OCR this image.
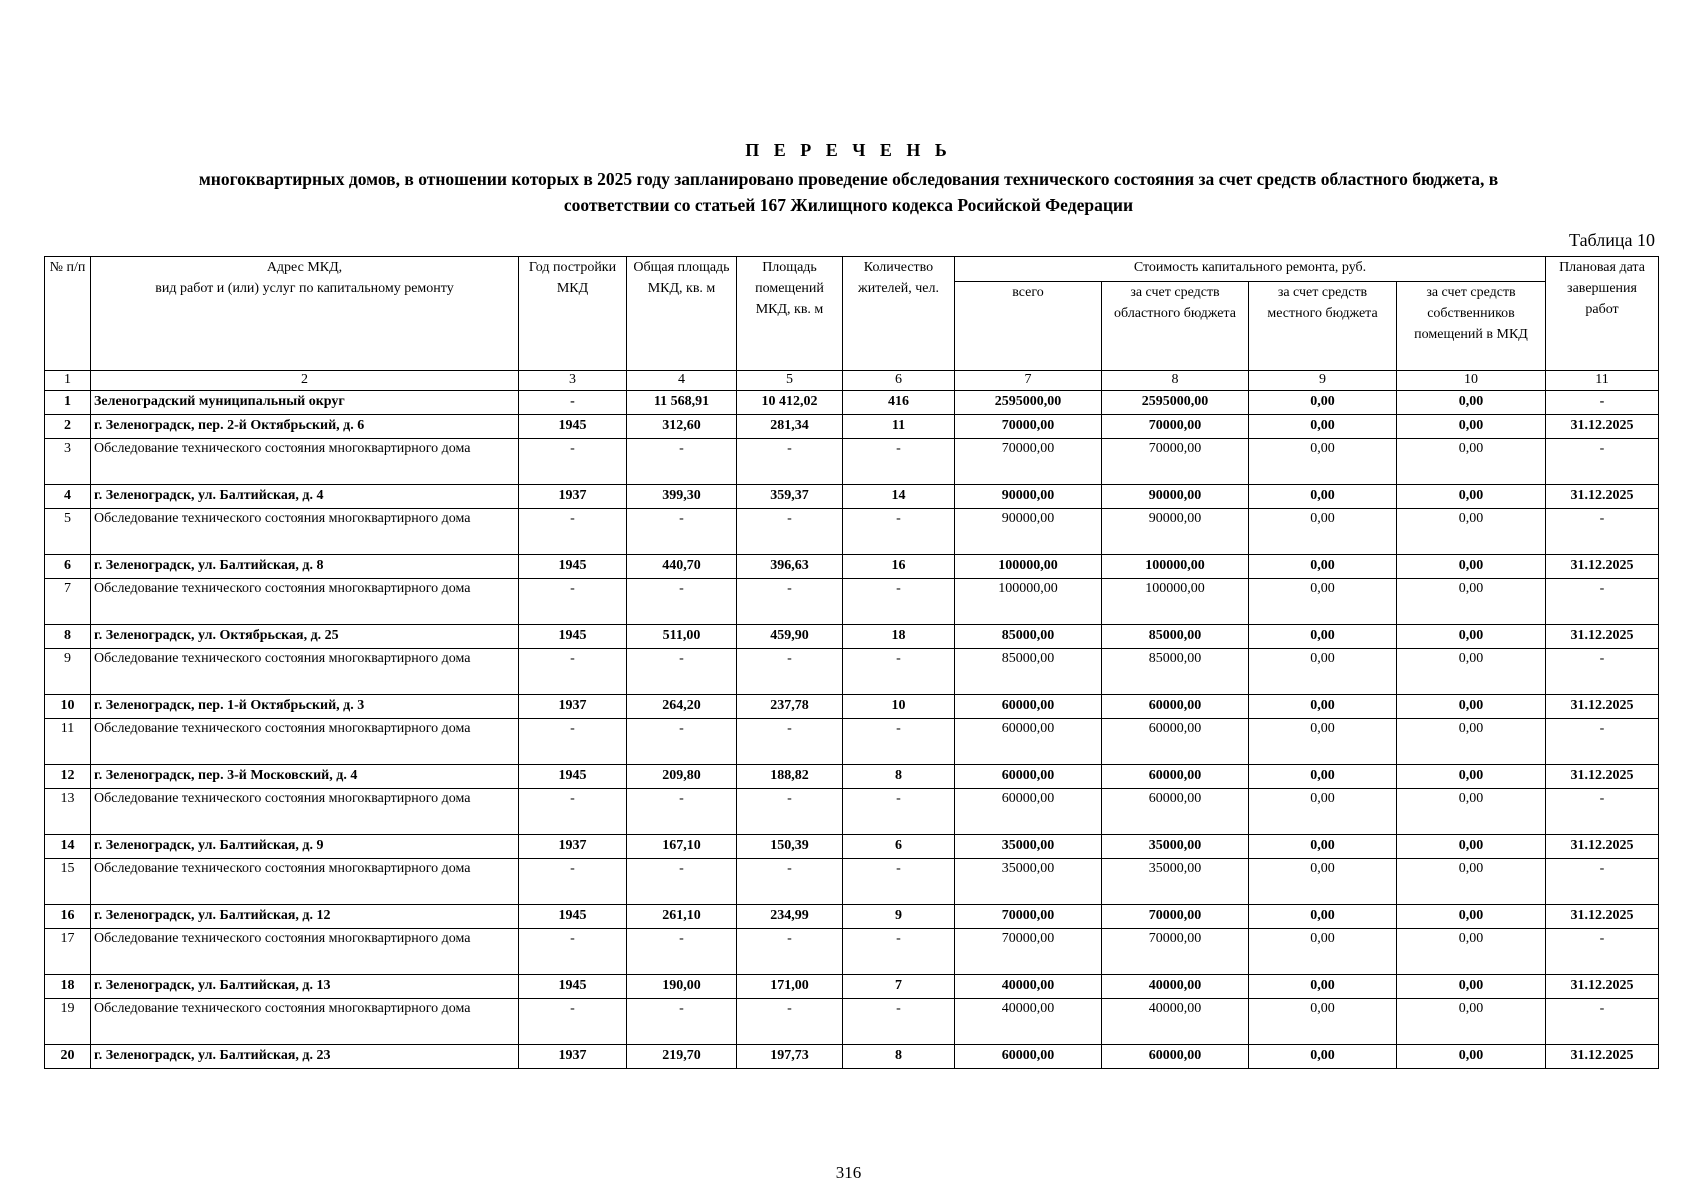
П Е Р Е Ч Е Н Ь
многоквартирных домов, в отношении которых в 2025 году запланировано проведение обследования технического состояния за счет средств областного бюджета, в
соответствии со статьей 167 Жилищного кодекса Росийской Федерации
Таблица 10
№ п/п	Адрес МКД,
вид работ и (или) услуг по капитальному ремонту	Год постройки МКД	Общая площадь МКД, кв. м	Площадь помещений МКД, кв. м	Количество жителей, чел.	Стоимость капитального ремонта, руб.				Плановая дата завершения работ
						всего	за счет средств областного бюджета	за счет средств местного бюджета	за счет средств собственников помещений в МКД	
1	2	3	4	5	6	7	8	9	10	11
1	Зеленоградский муниципальный округ	-	11 568,91	10 412,02	416	2595000,00	2595000,00	0,00	0,00	-
2	г. Зеленоградск, пер. 2-й Октябрьский, д. 6	1945	312,60	281,34	11	70000,00	70000,00	0,00	0,00	31.12.2025
3	Обследование технического состояния многоквартирного дома	-	-	-	-	70000,00	70000,00	0,00	0,00	-
4	г. Зеленоградск, ул. Балтийская, д. 4	1937	399,30	359,37	14	90000,00	90000,00	0,00	0,00	31.12.2025
5	Обследование технического состояния многоквартирного дома	-	-	-	-	90000,00	90000,00	0,00	0,00	-
6	г. Зеленоградск, ул. Балтийская, д. 8	1945	440,70	396,63	16	100000,00	100000,00	0,00	0,00	31.12.2025
7	Обследование технического состояния многоквартирного дома	-	-	-	-	100000,00	100000,00	0,00	0,00	-
8	г. Зеленоградск, ул. Октябрьская, д. 25	1945	511,00	459,90	18	85000,00	85000,00	0,00	0,00	31.12.2025
9	Обследование технического состояния многоквартирного дома	-	-	-	-	85000,00	85000,00	0,00	0,00	-
10	г. Зеленоградск, пер. 1-й Октябрьский, д. 3	1937	264,20	237,78	10	60000,00	60000,00	0,00	0,00	31.12.2025
11	Обследование технического состояния многоквартирного дома	-	-	-	-	60000,00	60000,00	0,00	0,00	-
12	г. Зеленоградск, пер. 3-й Московский, д. 4	1945	209,80	188,82	8	60000,00	60000,00	0,00	0,00	31.12.2025
13	Обследование технического состояния многоквартирного дома	-	-	-	-	60000,00	60000,00	0,00	0,00	-
14	г. Зеленоградск, ул. Балтийская, д. 9	1937	167,10	150,39	6	35000,00	35000,00	0,00	0,00	31.12.2025
15	Обследование технического состояния многоквартирного дома	-	-	-	-	35000,00	35000,00	0,00	0,00	-
16	г. Зеленоградск, ул. Балтийская, д. 12	1945	261,10	234,99	9	70000,00	70000,00	0,00	0,00	31.12.2025
17	Обследование технического состояния многоквартирного дома	-	-	-	-	70000,00	70000,00	0,00	0,00	-
18	г. Зеленоградск, ул. Балтийская, д. 13	1945	190,00	171,00	7	40000,00	40000,00	0,00	0,00	31.12.2025
19	Обследование технического состояния многоквартирного дома	-	-	-	-	40000,00	40000,00	0,00	0,00	-
20	г. Зеленоградск, ул. Балтийская, д. 23	1937	219,70	197,73	8	60000,00	60000,00	0,00	0,00	31.12.2025
316
